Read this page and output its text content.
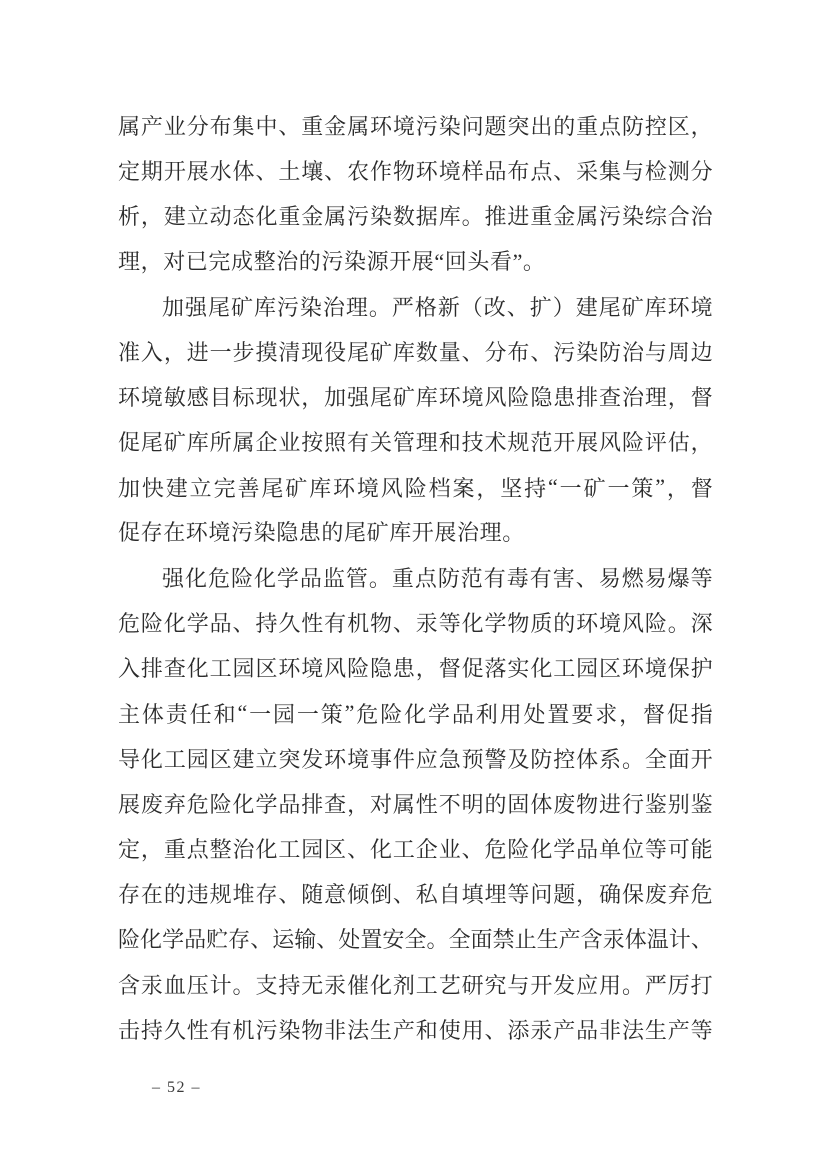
属 产 业 分 布 集 中 、 重 金 属 环 境 污 染 问 题 突 出 的 重 点 防 控 区 ，
定 期 开 展 水 体 、 土 壤 、 农 作 物 环 境 样 品 布 点 、 采 集 与 检 测 分
析 ， 建 立 动 态 化 重 金 属 污 染 数 据 库 。 推 进 重 金 属 污 染 综 合 治
理，对已完成整治的污染源开展“回头看”。
加 强 尾 矿 库 污 染 治 理 。 严 格 新 （ 改 、 扩 ） 建 尾 矿 库 环 境
准 入 ， 进 一 步 摸 清 现 役 尾 矿 库 数 量 、 分 布 、 污 染 防 治 与 周 边
环 境 敏 感 目 标 现 状 ， 加 强 尾 矿 库 环 境 风 险 隐 患 排 查 治 理 ， 督
促 尾 矿 库 所 属 企 业 按 照 有 关 管 理 和 技 术 规 范 开 展 风 险 评 估 ，
加 快 建 立 完 善 尾 矿 库 环 境 风 险 档 案 ， 坚 持 “ 一 矿 一 策 ” ， 督
促存在环境污染隐患的尾矿库开展治理。
强 化 危 险 化 学 品 监 管 。 重 点 防 范 有 毒 有 害 、 易 燃 易 爆 等
危 险 化 学 品 、 持 久 性 有 机 物 、 汞 等 化 学 物 质 的 环 境 风 险 。 深
入 排 查 化 工 园 区 环 境 风 险 隐 患 ， 督 促 落 实 化 工 园 区 环 境 保 护
主 体 责 任 和 “ 一 园 一 策 ” 危 险 化 学 品 利 用 处 置 要 求 ， 督 促 指
导 化 工 园 区 建 立 突 发 环 境 事 件 应 急 预 警 及 防 控 体 系 。 全 面 开
展 废 弃 危 险 化 学 品 排 查 ， 对 属 性 不 明 的 固 体 废 物 进 行 鉴 别 鉴
定 ， 重 点 整 治 化 工 园 区 、 化 工 企 业 、 危 险 化 学 品 单 位 等 可 能
存 在 的 违 规 堆 存 、 随 意 倾 倒 、 私 自 填 埋 等 问 题 ， 确 保 废 弃 危
险 化 学 品 贮 存 、 运 输 、 处 置 安 全 。 全 面 禁 止 生 产 含 汞 体 温 计 、
含 汞 血 压 计 。 支 持 无 汞 催 化 剂 工 艺 研 究 与 开 发 应 用 。 严 厉 打
击 持 久 性 有 机 污 染 物 非 法 生 产 和 使 用 、 添 汞 产 品 非 法 生 产 等
– 52 –
